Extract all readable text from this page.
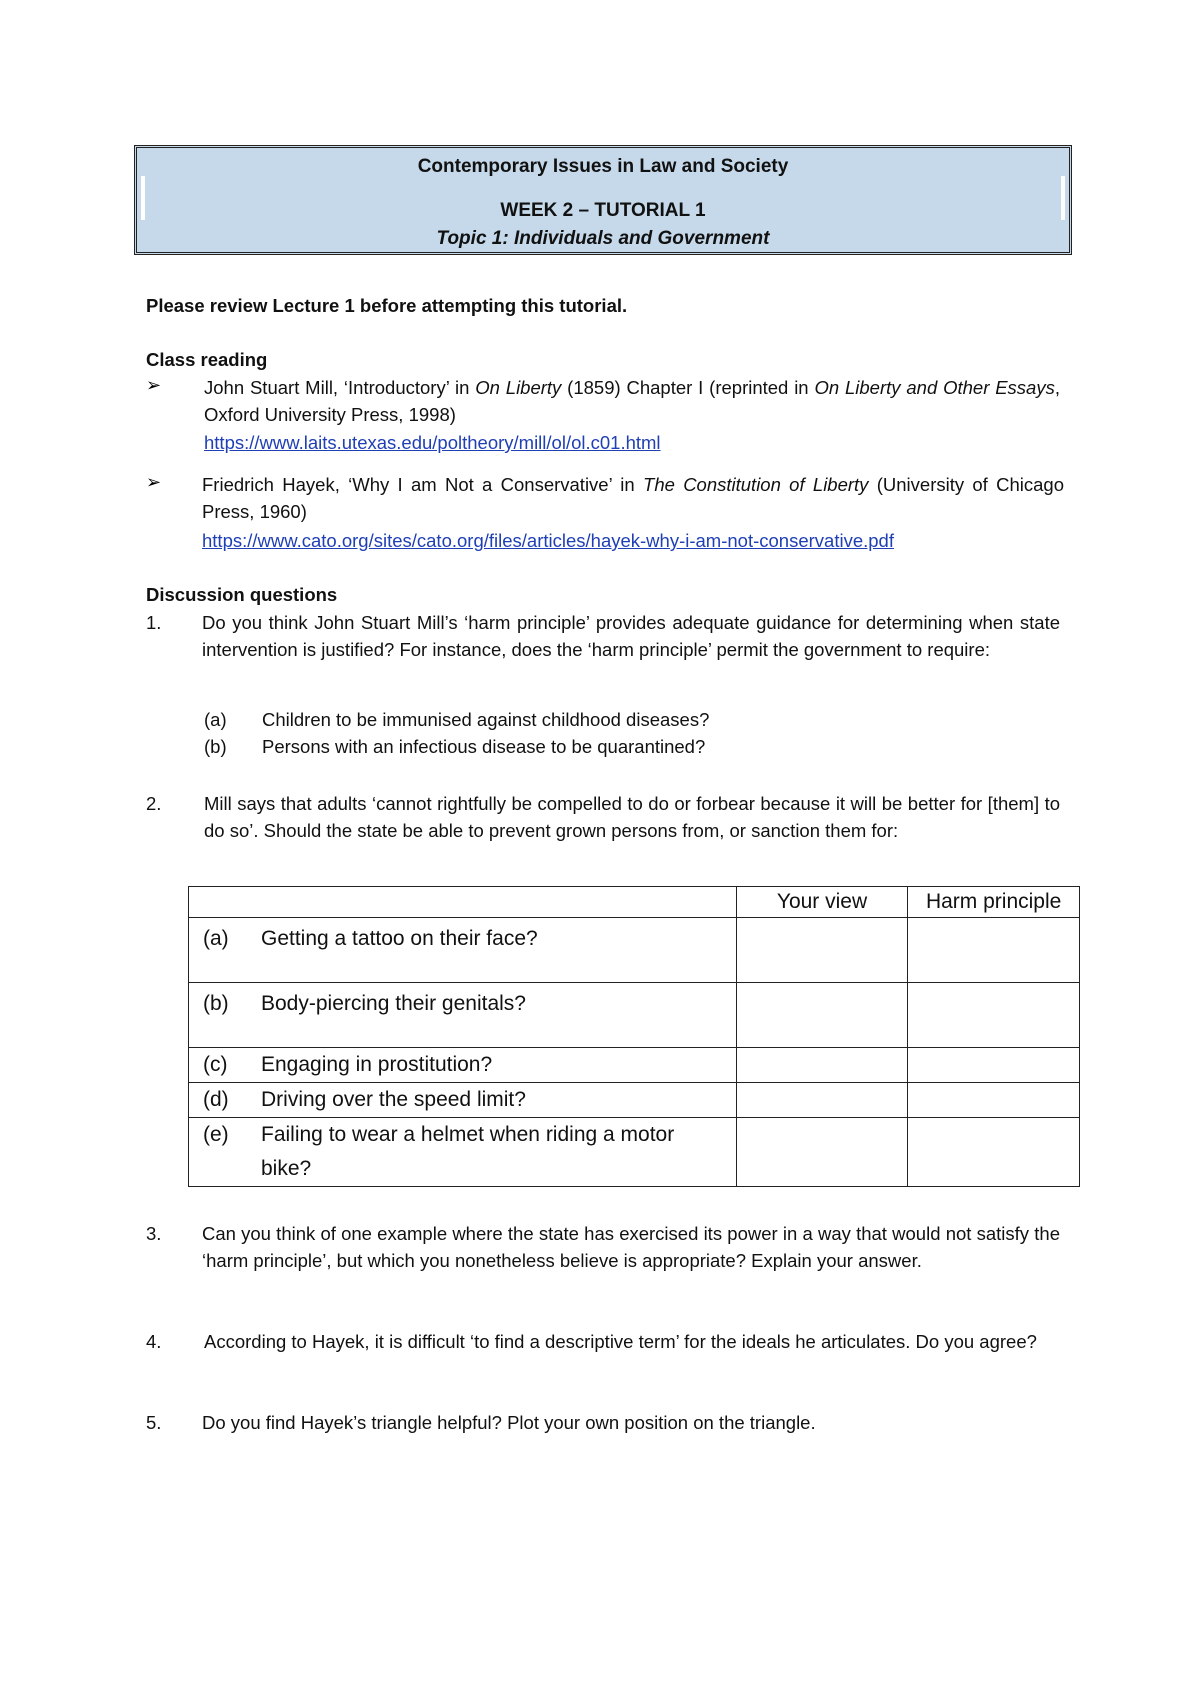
Contemporary Issues in Law and Society
WEEK 2 – TUTORIAL 1
Topic 1: Individuals and Government
Please review Lecture 1 before attempting this tutorial.
Class reading
➢ John Stuart Mill, ‘Introductory’ in On Liberty (1859) Chapter I (reprinted in On Liberty and Other Essays, Oxford University Press, 1998)
https://www.laits.utexas.edu/poltheory/mill/ol/ol.c01.html
➢ Friedrich Hayek, ‘Why I am Not a Conservative’ in The Constitution of Liberty (University of Chicago Press, 1960)
https://www.cato.org/sites/cato.org/files/articles/hayek-why-i-am-not-conservative.pdf
Discussion questions
1. Do you think John Stuart Mill’s ‘harm principle’ provides adequate guidance for determining when state intervention is justified? For instance, does the ‘harm principle’ permit the government to require:
(a) Children to be immunised against childhood diseases?
(b) Persons with an infectious disease to be quarantined?
2. Mill says that adults ‘cannot rightfully be compelled to do or forbear because it will be better for [them] to do so’. Should the state be able to prevent grown persons from, or sanction them for:
	Your view	Harm principle
(a) Getting a tattoo on their face?		
(b) Body-piercing their genitals?		
(c) Engaging in prostitution?		
(d) Driving over the speed limit?		
(e) Failing to wear a helmet when riding a motor bike?		
3. Can you think of one example where the state has exercised its power in a way that would not satisfy the ‘harm principle’, but which you nonetheless believe is appropriate? Explain your answer.
4. According to Hayek, it is difficult ‘to find a descriptive term’ for the ideals he articulates. Do you agree?
5. Do you find Hayek’s triangle helpful? Plot your own position on the triangle.
